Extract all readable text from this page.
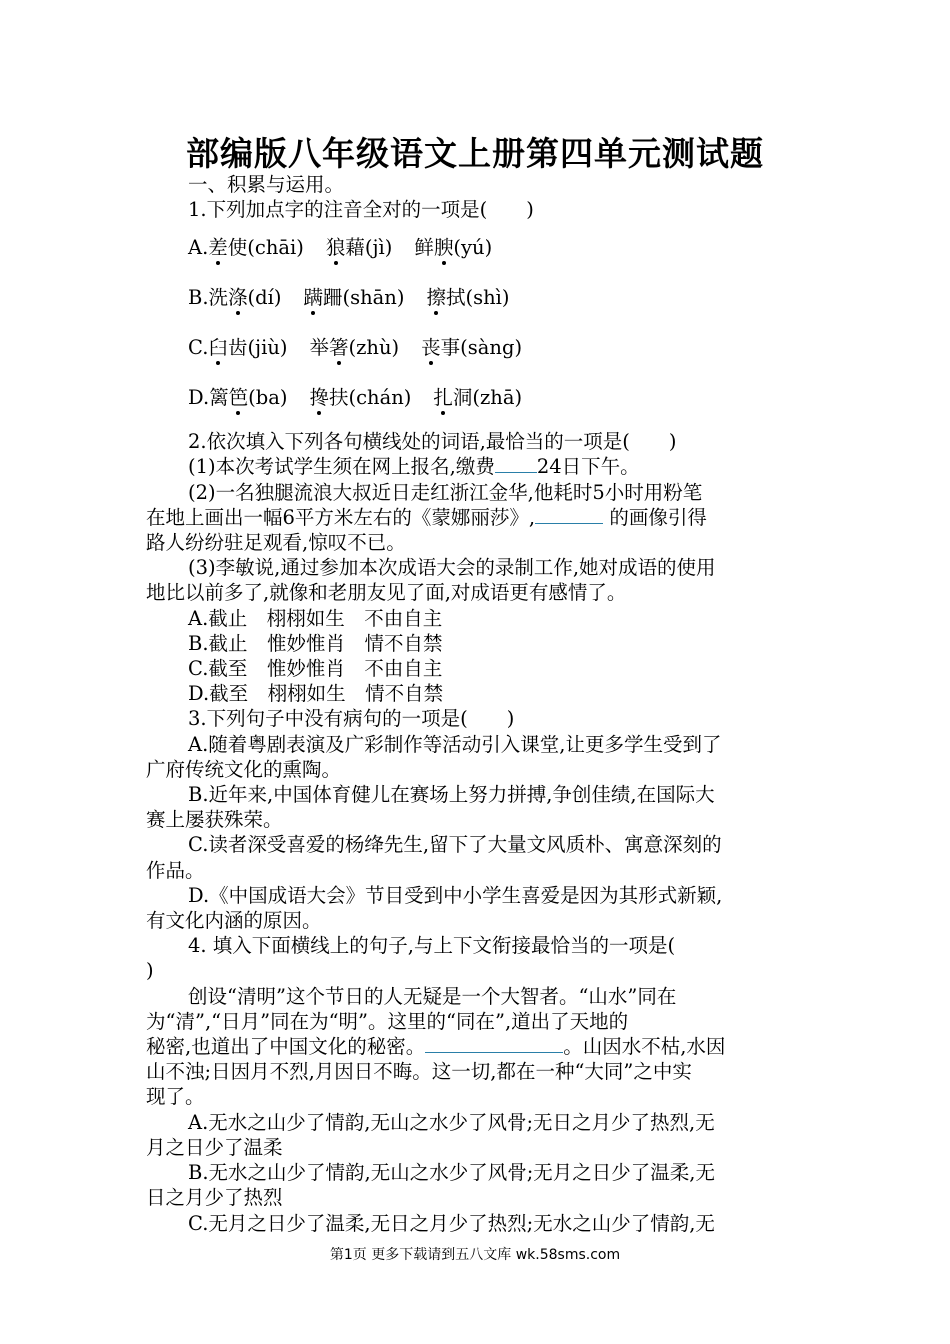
部编版八年级语文上册第四单元测试题
一、积累与运用。
1.下列加点字的注音全对的一项是(　　)
A.差使(chāi) 狼藉(jì) 鲜腴(yú)
B.洗涤(dí) 蹒跚(shān) 擦拭(shì)
C.臼齿(jiù) 举箸(zhù) 丧事(sàng)
D.篱笆(ba) 搀扶(chán) 扎洞(zhā)
2.依次填入下列各句横线处的词语,最恰当的一项是(　　)
(1)本次考试学生须在网上报名,缴费 24日下午。
(2)一名独腿流浪大叔近日走红浙江金华,他耗时5小时用粉笔
在地上画出一幅6平方米左右的《蒙娜丽莎》,	的画像引得
路人纷纷驻足观看,惊叹不已。
(3)李敏说,通过参加本次成语大会的录制工作,她对成语的使用
地比以前多了,就像和老朋友见了面,对成语更有感情了。
A.截止　栩栩如生　不由自主
B.截止　惟妙惟肖　情不自禁
C.截至　惟妙惟肖　不由自主
D.截至　栩栩如生　情不自禁
3.下列句子中没有病句的一项是(　　)
A.随着粤剧表演及广彩制作等活动引入课堂,让更多学生受到了
广府传统文化的熏陶。
B.近年来,中国体育健儿在赛场上努力拼搏,争创佳绩,在国际大
赛上屡获殊荣。
C.读者深受喜爱的杨绛先生,留下了大量文风质朴、寓意深刻的
作品。
D.《中国成语大会》节目受到中小学生喜爱是因为其形式新颖,
有文化内涵的原因。
4. 填入下面横线上的句子,与上下文衔接最恰当的一项是(
)
创设“清明”这个节日的人无疑是一个大智者。“山水”同在
为“清”,“日月”同在为“明”。这里的“同在”,道出了天地的
秘密,也道出了中国文化的秘密。	。山因水不枯,水因
山不浊;日因月不烈,月因日不晦。这一切,都在一种“大同”之中实
现了。
A.无水之山少了情韵,无山之水少了风骨;无日之月少了热烈,无
月之日少了温柔
B.无水之山少了情韵,无山之水少了风骨;无月之日少了温柔,无
日之月少了热烈
C.无月之日少了温柔,无日之月少了热烈;无水之山少了情韵,无
第1页 更多下载请到五八文库 wk.58sms.com
